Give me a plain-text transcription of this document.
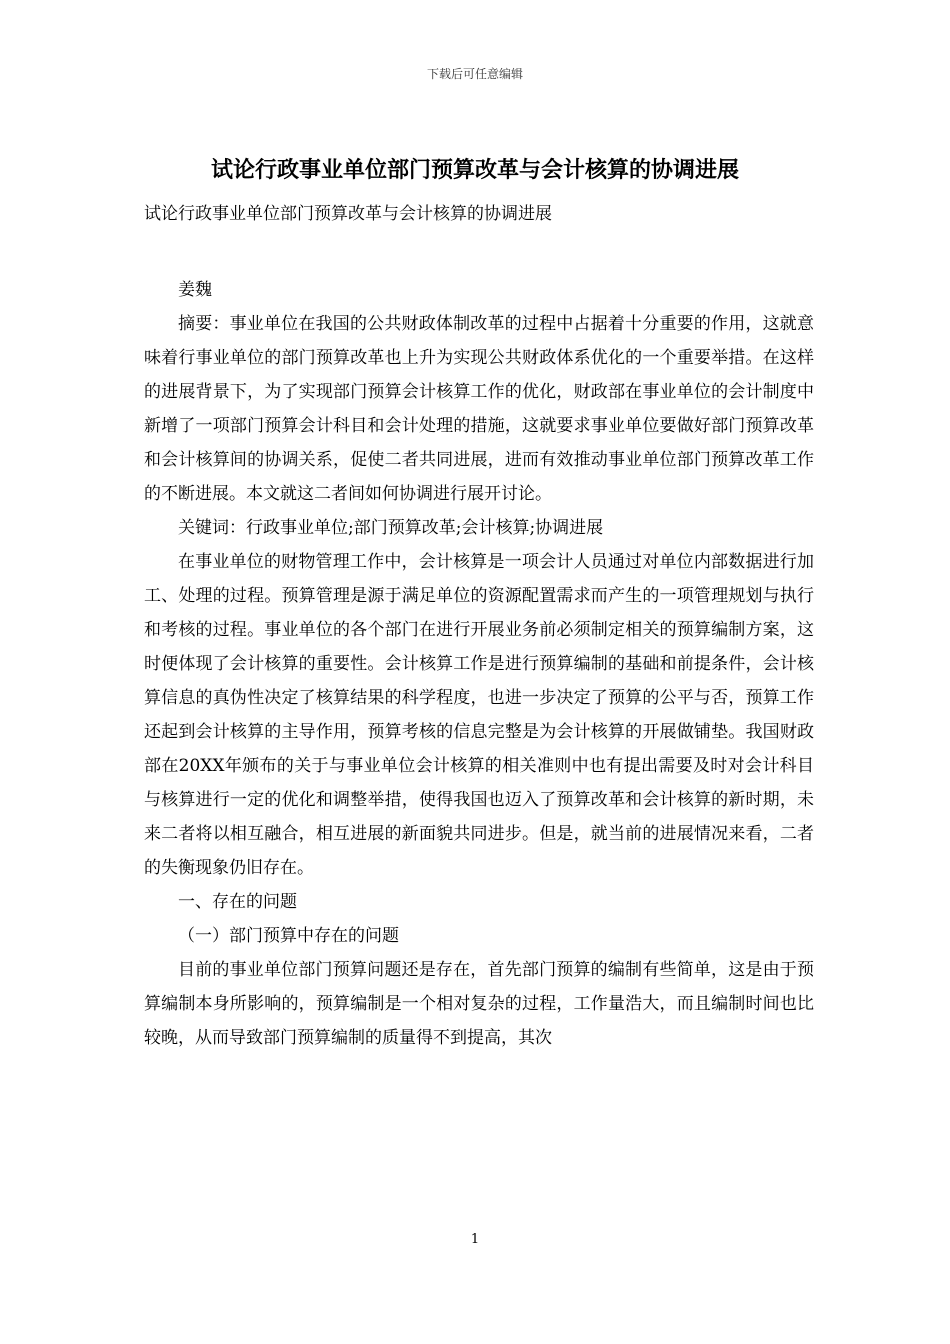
下载后可任意编辑
试论行政事业单位部门预算改革与会计核算的协调进展
试论行政事业单位部门预算改革与会计核算的协调进展
姜魏

摘要：事业单位在我国的公共财政体制改革的过程中占据着十分重要的作用，这就意味着行事业单位的部门预算改革也上升为实现公共财政体系优化的一个重要举措。在这样的进展背景下，为了实现部门预算会计核算工作的优化，财政部在事业单位的会计制度中新增了一项部门预算会计科目和会计处理的措施，这就要求事业单位要做好部门预算改革和会计核算间的协调关系，促使二者共同进展，进而有效推动事业单位部门预算改革工作的不断进展。本文就这二者间如何协调进行展开讨论。

关键词：行政事业单位;部门预算改革;会计核算;协调进展

在事业单位的财物管理工作中，会计核算是一项会计人员通过对单位内部数据进行加工、处理的过程。预算管理是源于满足单位的资源配置需求而产生的一项管理规划与执行和考核的过程。事业单位的各个部门在进行开展业务前必须制定相关的预算编制方案，这时便体现了会计核算的重要性。会计核算工作是进行预算编制的基础和前提条件，会计核算信息的真伪性决定了核算结果的科学程度，也进一步决定了预算的公平与否，预算工作还起到会计核算的主导作用，预算考核的信息完整是为会计核算的开展做铺垫。我国财政部在20XX年颁布的关于与事业单位会计核算的相关准则中也有提出需要及时对会计科目与核算进行一定的优化和调整举措，使得我国也迈入了预算改革和会计核算的新时期，未来二者将以相互融合，相互进展的新面貌共同进步。但是，就当前的进展情况来看，二者的失衡现象仍旧存在。

一、存在的问题
（一）部门预算中存在的问题

目前的事业单位部门预算问题还是存在，首先部门预算的编制有些简单，这是由于预算编制本身所影响的，预算编制是一个相对复杂的过程，工作量浩大，而且编制时间也比较晚，从而导致部门预算编制的质量得不到提高，其次

1
